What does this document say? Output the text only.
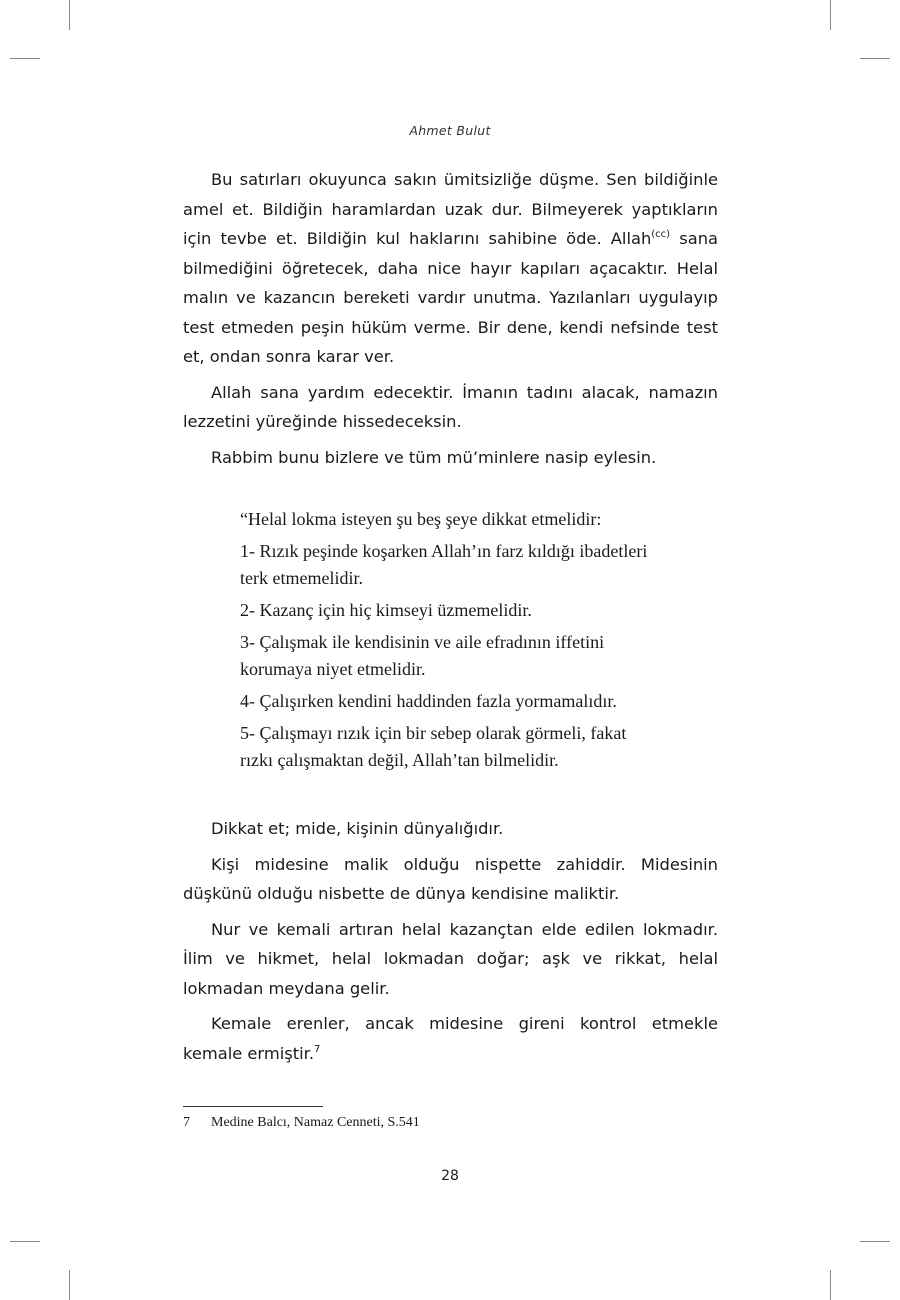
Ahmet Bulut

Bu satırları okuyunca sakın ümitsizliğe düşme. Sen bildiğinle amel et. Bildiğin haramlardan uzak dur. Bilmeyerek yaptıkların için tevbe et. Bildiğin kul haklarını sahibine öde. Allah$^{(cc)}$ sana bilmediğini öğretecek, daha nice hayır kapıları açacaktır. Helal malın ve kazancın bereketi vardır unutma. Yazılanları uygulayıp test etmeden peşin hüküm verme. Bir dene, kendi nefsinde test et, ondan sonra karar ver.

Allah sana yardım edecektir. İmanın tadını alacak, namazın lezzetini yüreğinde hissedeceksin.

Rabbim bunu bizlere ve tüm mü’minlere nasip eylesin.

“Helal lokma isteyen şu beş şeye dikkat etmelidir:

1- Rızık peşinde koşarken Allah’ın farz kıldığı ibadetleri terk etmemelidir.

2- Kazanç için hiç kimseyi üzmemelidir.

3- Çalışmak ile kendisinin ve aile efradının iffetini korumaya niyet etmelidir.

4- Çalışırken kendini haddinden fazla yormamalıdır.

5- Çalışmayı rızık için bir sebep olarak görmeli, fakat rızkı çalışmaktan değil, Allah’tan bilmelidir.

Dikkat et; mide, kişinin dünyalığıdır.

Kişi midesine malik olduğu nispette zahiddir. Midesinin düşkünü olduğu nisbette de dünya kendisine maliktir.

Nur ve kemali artıran helal kazançtan elde edilen lokmadır. İlim ve hikmet, helal lokmadan doğar; aşk ve rikkat, helal lokmadan meydana gelir.

Kemale erenler, ancak midesine gireni kontrol etmekle kemale ermiştir.$^7$

7 Medine Balcı, Namaz Cenneti, S.541
28
